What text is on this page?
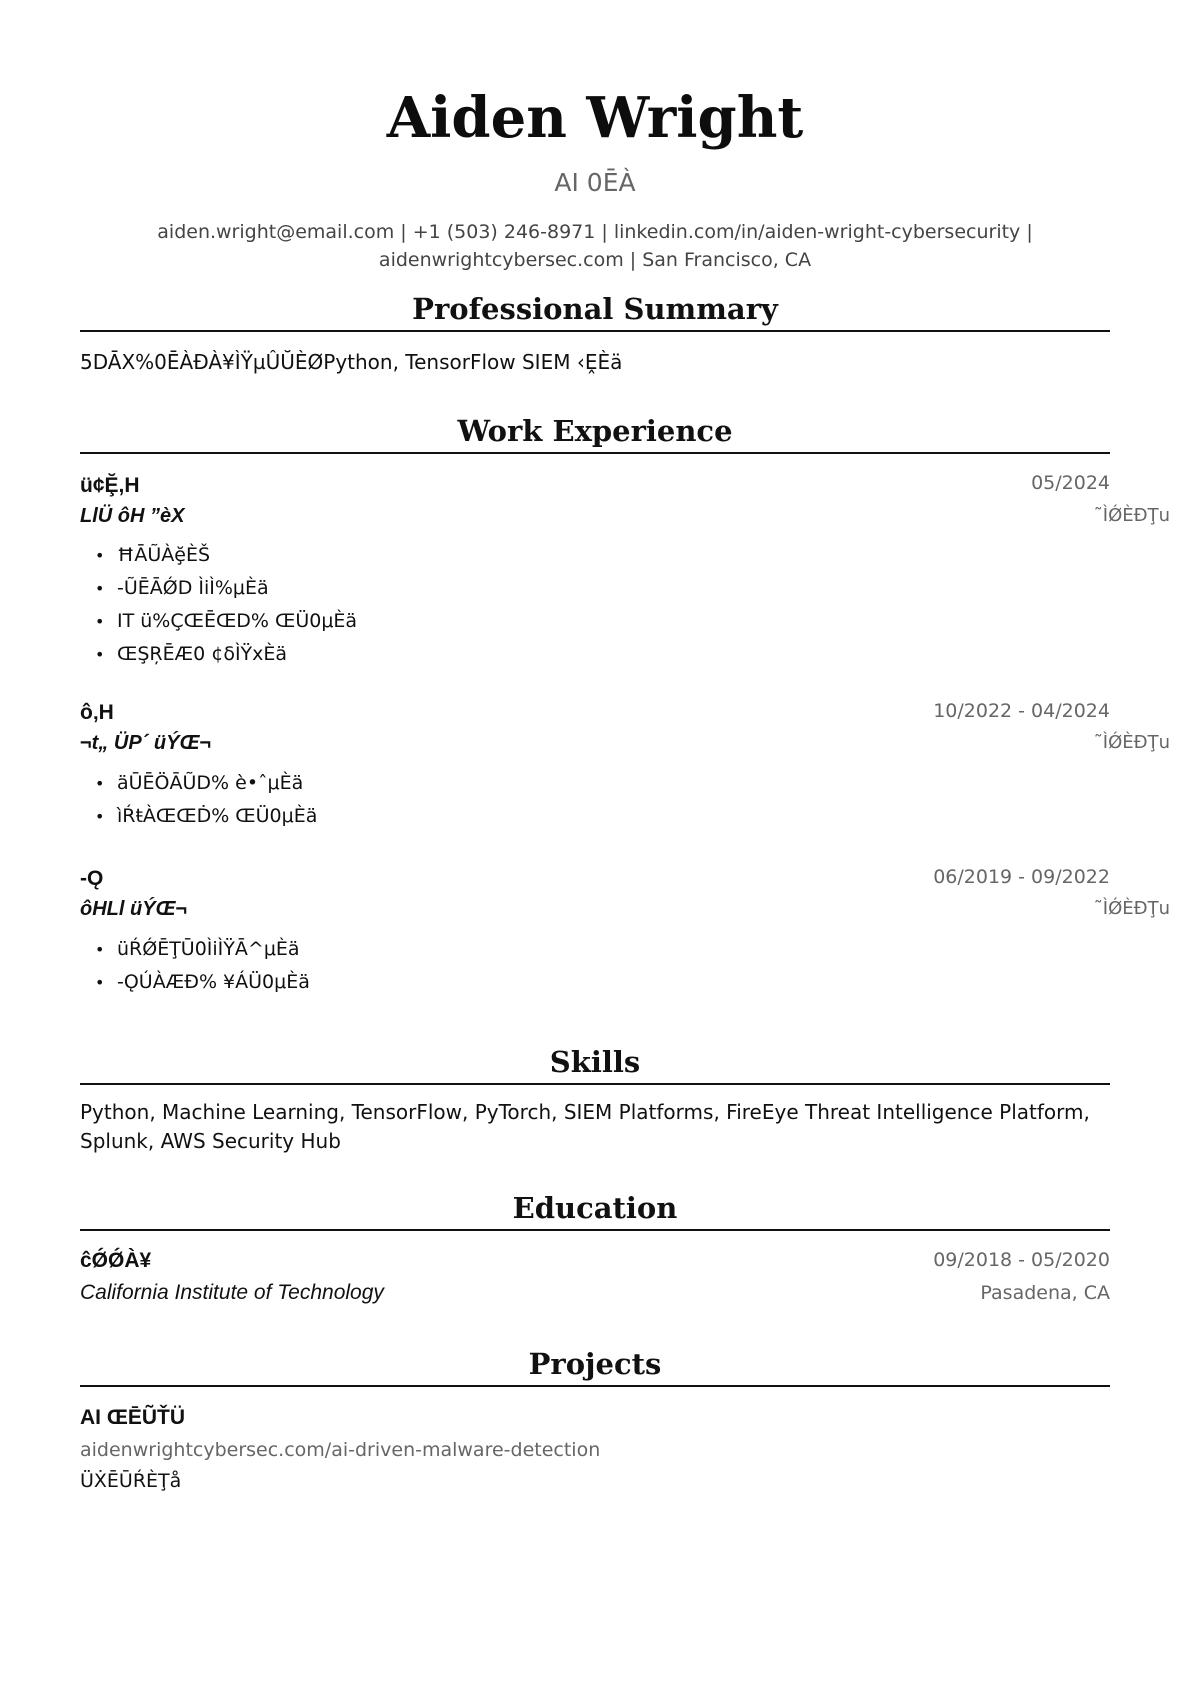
Aiden Wright
AI 0ĒÀ
aiden.wright@email.com | +1 (503) 246-8971 | linkedin.com/in/aiden-wright-cybersecurity |
aidenwrightcybersec.com | San Francisco, CA
Professional Summary
5DĀX%0ĒÀĐÀ¥ÌŸµÛŬÈØPython, TensorFlow SIEM ‹ḘÈä
Work Experience
ü¢Ḝ,H	05/2024
LlÜ ôH ”èX	˜ÌǾÈĐŢu
• ĦĀŨÀḝÈŠ
• -ŨĒĀǾD ÌiÌ%μÈä
• IT ü%ÇŒĒŒD% ŒÜ0μÈä
• ŒŞŖĒÆ0 ¢ẟÌŸxÈä
ô‚H	10/2022 - 04/2024
¬t„ ÜP´ üÝŒ¬	˜ÌǾÈĐŢu
• äŪĒÖĀŨD% è•ˆμÈä
• ìŔŧÀŒŒḊ% ŒÜ0μÈä
-Ǫ	06/2019 - 09/2022
ôHLl üÝŒ¬	˜ÌǾÈĐŢu
• üŔǾĒŢŪ0ÌiÌŸĀ^μÈä
• -ǪÚÀÆĐ% ¥ÁÜ0μÈä
Skills
Python, Machine Learning, TensorFlow, PyTorch, SIEM Platforms, FireEye Threat Intelligence Platform, Splunk, AWS Security Hub
Education
ĉǾǾÀ¥	09/2018 - 05/2020
California Institute of Technology	Pasadena, CA
Projects
AI ŒĒŨŤÜ
aidenwrightcybersec.com/ai-driven-malware-detection
ÜẊĒŪŔÈŢå
